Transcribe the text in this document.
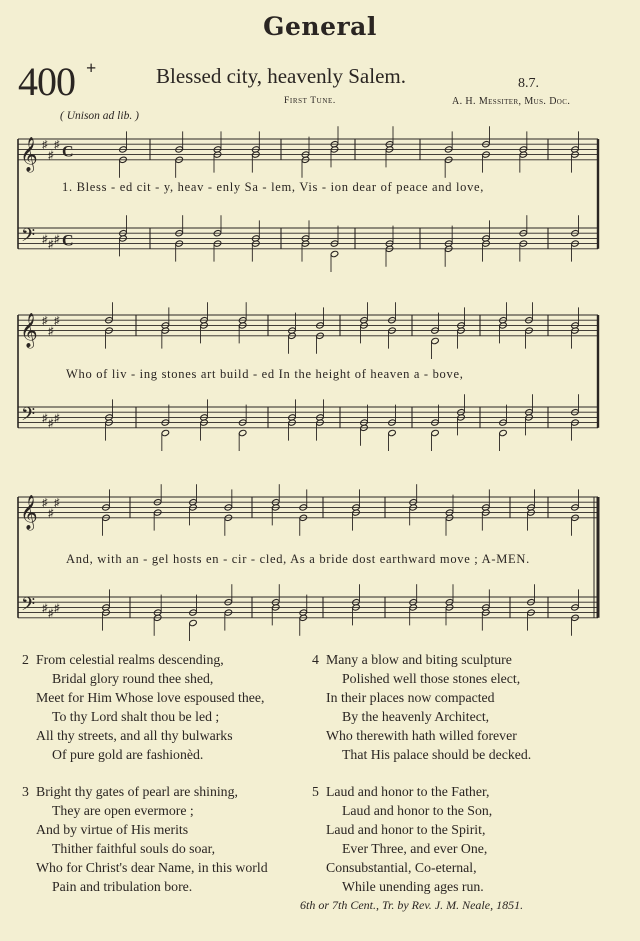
General
400 +	Blessed city, heavenly Salem.	8.7.
First Tune.	A. H. Messiter, Mus. Doc.
( Unison ad lib. )
𝄞
𝄢
♯
♯
♯
♯
♯
♯
C
C
𝄞
𝄢
♯
♯
♯
♯
♯
♯
𝄞
𝄢
♯
♯
♯
♯
♯
♯
1. Bless - ed cit - y, heav - enly Sa - lem, Vis - ion dear of peace and love,
Who of liv - ing stones art build - ed In the height of heaven a - bove,
And, with an - gel hosts en - cir - cled, As a bride dost earthward move ; A-MEN.
2 From celestial realms descending,
Bridal glory round thee shed,
Meet for Him Whose love espoused thee,
To thy Lord shalt thou be led ;
All thy streets, and all thy bulwarks
Of pure gold are fashionèd.
3 Bright thy gates of pearl are shining,
They are open evermore ;
And by virtue of His merits
Thither faithful souls do soar,
Who for Christ's dear Name, in this world
Pain and tribulation bore.
4 Many a blow and biting sculpture
Polished well those stones elect,
In their places now compacted
By the heavenly Architect,
Who therewith hath willed forever
That His palace should be decked.
5 Laud and honor to the Father,
Laud and honor to the Son,
Laud and honor to the Spirit,
Ever Three, and ever One,
Consubstantial, Co-eternal,
While unending ages run.
6th or 7th Cent., Tr. by Rev. J. M. Neale, 1851.
